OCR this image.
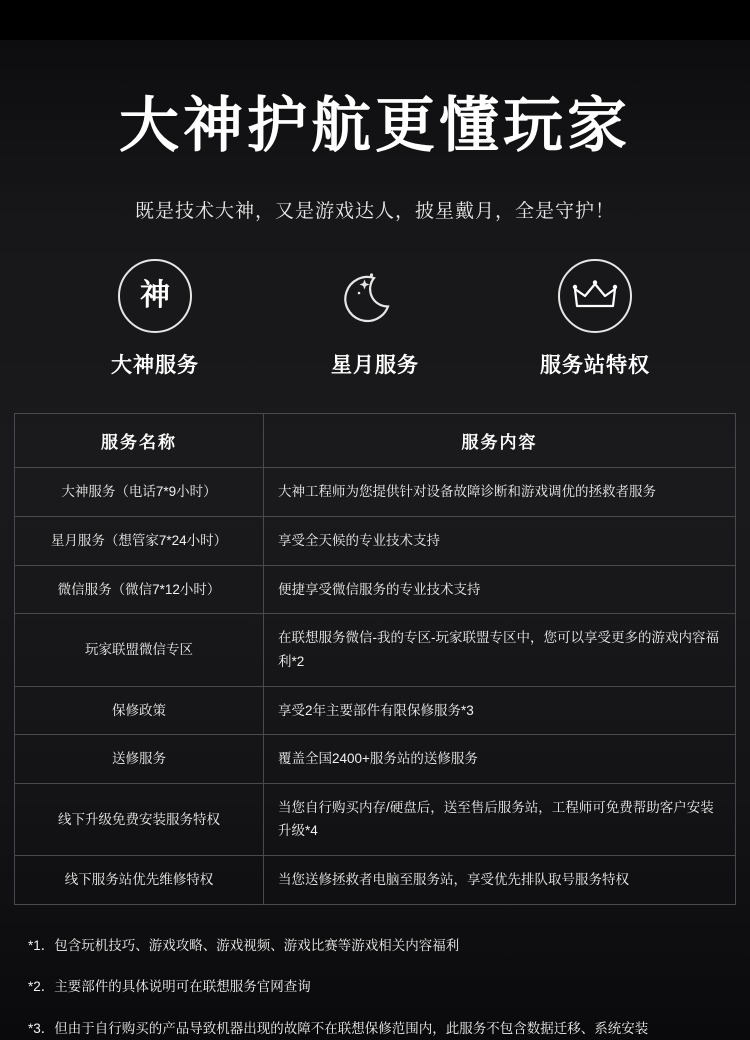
大神护航更懂玩家
既是技术大神，又是游戏达人，披星戴月，全是守护！
神
大神服务	星月服务	服务站特权
服务名称	服务内容
大神服务（电话7*9小时）	大神工程师为您提供针对设备故障诊断和游戏调优的拯救者服务
星月服务（想管家7*24小时）	享受全天候的专业技术支持
微信服务（微信7*12小时）	便捷享受微信服务的专业技术支持
玩家联盟微信专区	在联想服务微信-我的专区-玩家联盟专区中，您可以享受更多的游戏内容福利*2
保修政策	享受2年主要部件有限保修服务*3
送修服务	覆盖全国2400+服务站的送修服务
线下升级免费安装服务特权	当您自行购买内存/硬盘后，送至售后服务站，工程师可免费帮助客户安装升级*4
线下服务站优先维修特权	当您送修拯救者电脑至服务站，享受优先排队取号服务特权
*1．包含玩机技巧、游戏攻略、游戏视频、游戏比赛等游戏相关内容福利
*2．主要部件的具体说明可在联想服务官网查询
*3．但由于自行购买的产品导致机器出现的故障不在联想保修范围内，此服务不包含数据迁移、系统安装
